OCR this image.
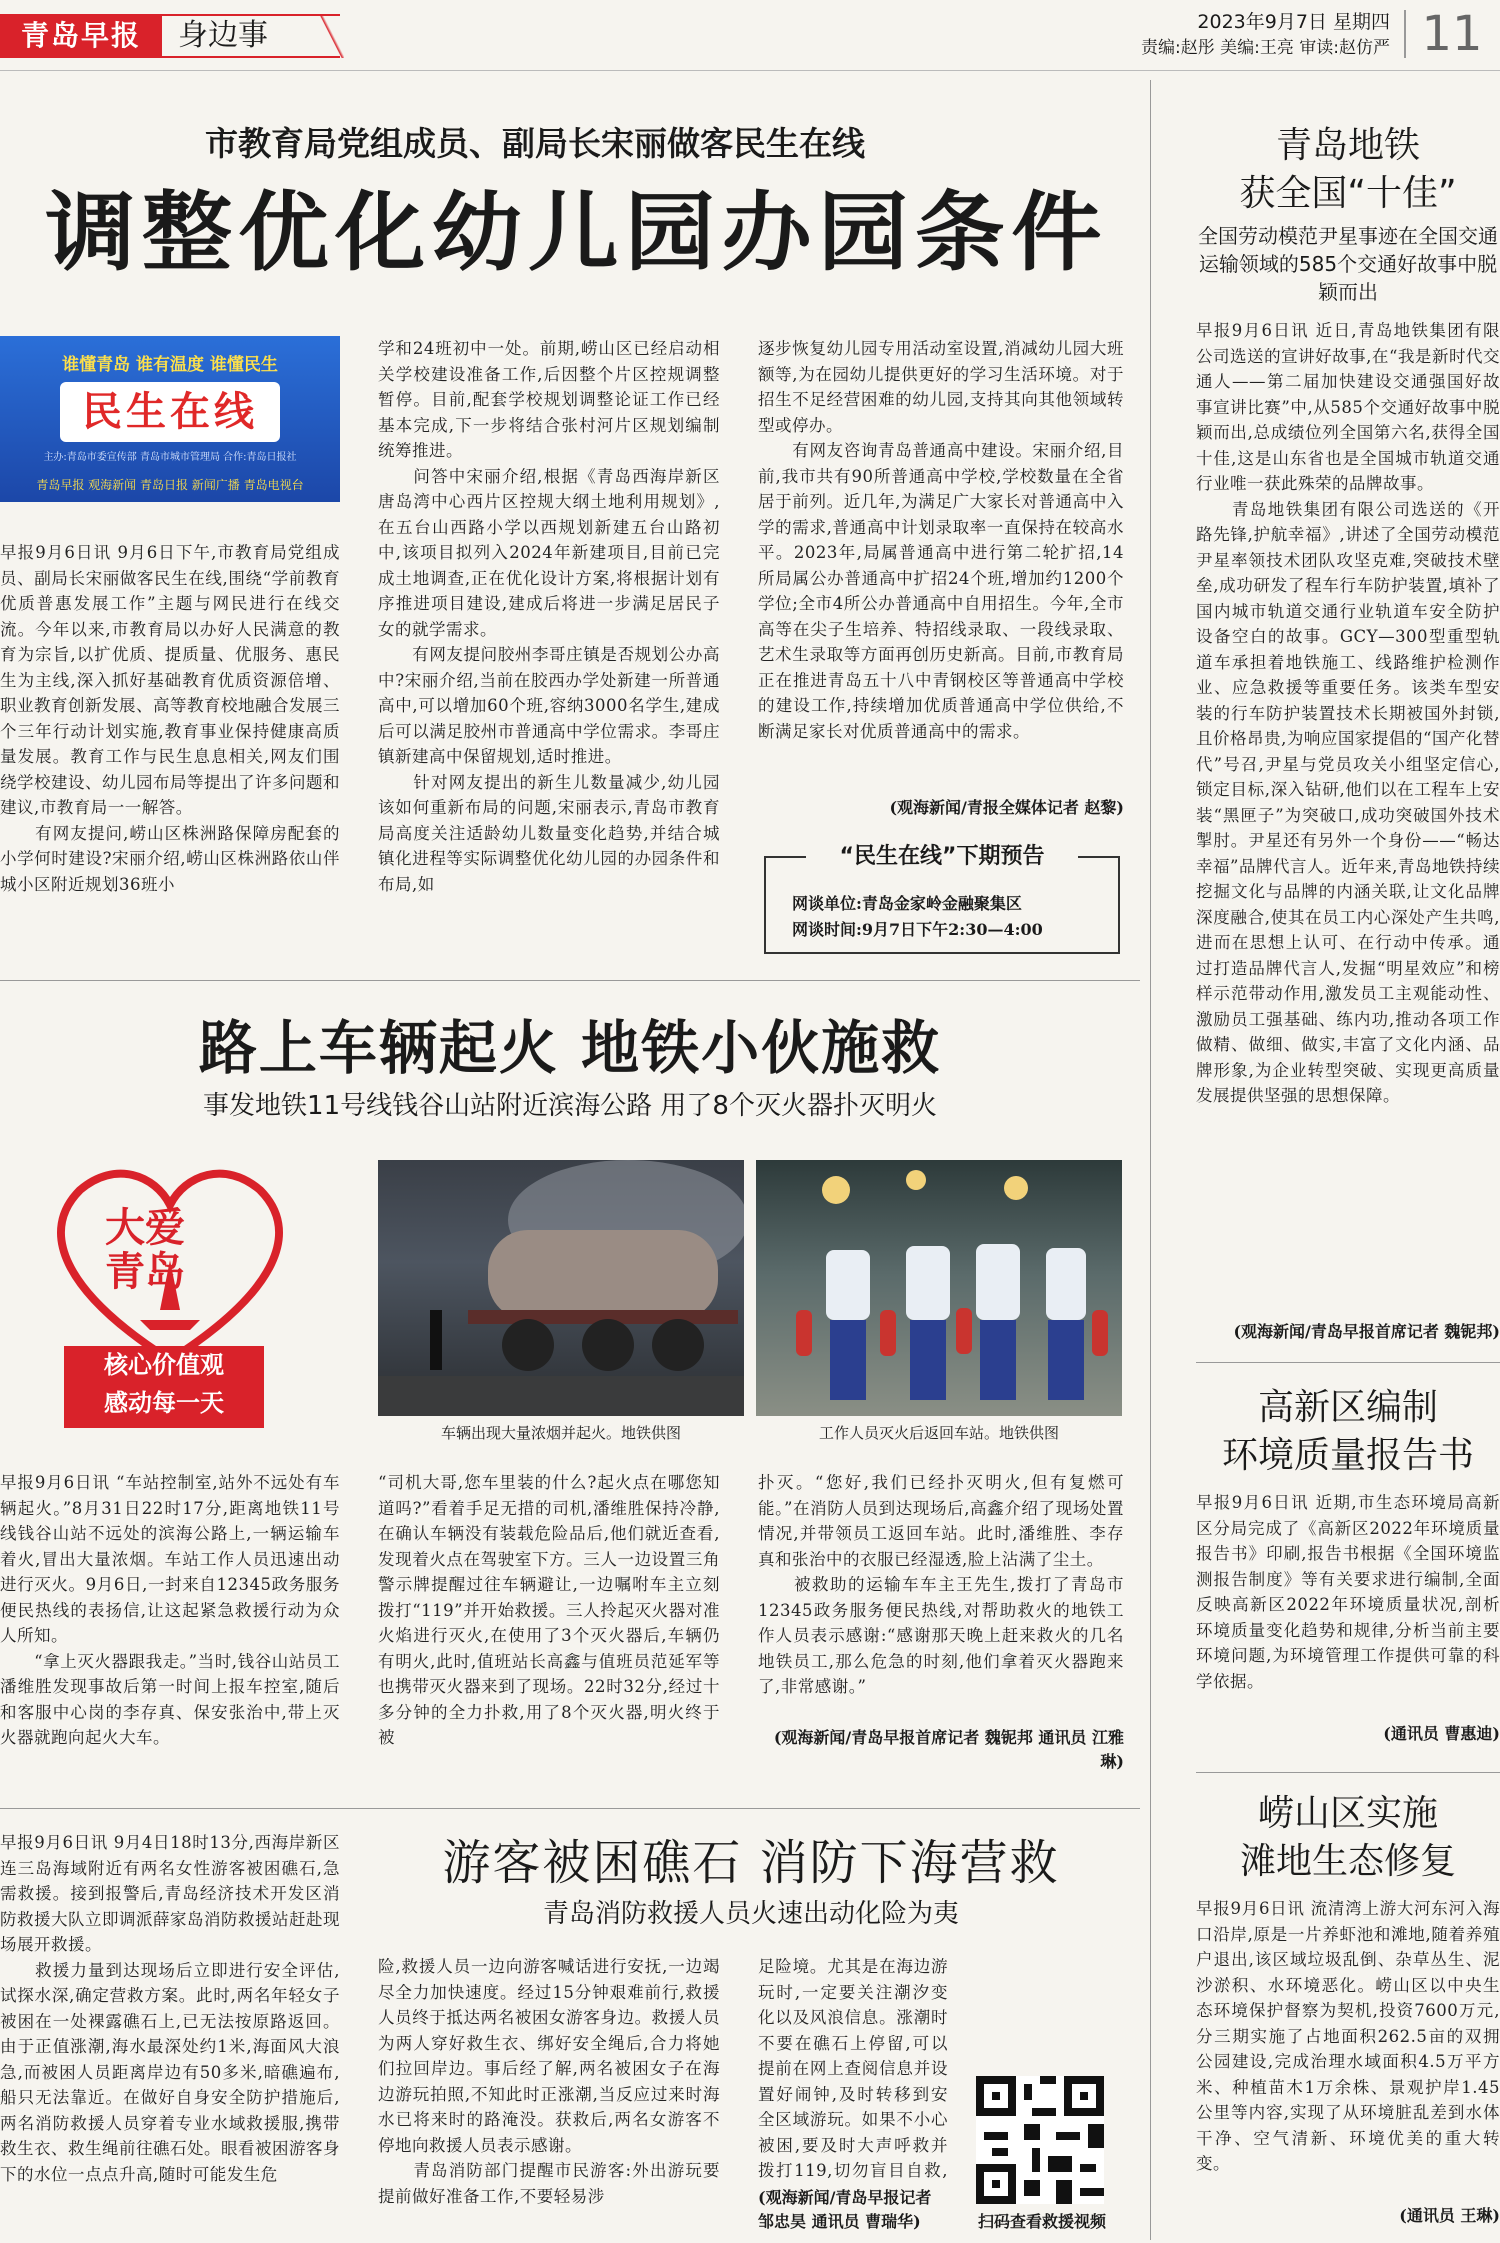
青岛早报	身边事	2023年9月7日 星期四
责编:赵彤 美编:王亮 审读:赵仿严 11
市教育局党组成员、副局长宋丽做客民生在线
调整优化幼儿园办园条件
谁懂青岛 谁有温度 谁懂民生
民生在线
主办:青岛市委宣传部 青岛市城市管理局 合作:青岛日报社
青岛早报 观海新闻 青岛日报 新闻广播 青岛电视台

早报9月6日讯 9月6日下午,市教育局党组成员、副局长宋丽做客民生在线,围绕“学前教育优质普惠发展工作”主题与网民进行在线交流。今年以来,市教育局以办好人民满意的教育为宗旨,以扩优质、提质量、优服务、惠民生为主线,深入抓好基础教育优质资源倍增、职业教育创新发展、高等教育校地融合发展三个三年行动计划实施,教育事业保持健康高质量发展。教育工作与民生息息相关,网友们围绕学校建设、幼儿园布局等提出了许多问题和建议,市教育局一一解答。
　　有网友提问,崂山区株洲路保障房配套的小学何时建设?宋丽介绍,崂山区株洲路依山伴城小区附近规划36班小

学和24班初中一处。前期,崂山区已经启动相关学校建设准备工作,后因整个片区控规调整暂停。目前,配套学校规划调整论证工作已经基本完成,下一步将结合张村河片区规划编制统筹推进。
　　问答中宋丽介绍,根据《青岛西海岸新区唐岛湾中心西片区控规大纲土地利用规划》,在五台山西路小学以西规划新建五台山路初中,该项目拟列入2024年新建项目,目前已完成土地调查,正在优化设计方案,将根据计划有序推进项目建设,建成后将进一步满足居民子女的就学需求。
　　有网友提问胶州李哥庄镇是否规划公办高中?宋丽介绍,当前在胶西办学处新建一所普通高中,可以增加60个班,容纳3000名学生,建成后可以满足胶州市普通高中学位需求。李哥庄镇新建高中保留规划,适时推进。
　　针对网友提出的新生儿数量减少,幼儿园该如何重新布局的问题,宋丽表示,青岛市教育局高度关注适龄幼儿数量变化趋势,并结合城镇化进程等实际调整优化幼儿园的办园条件和布局,如

逐步恢复幼儿园专用活动室设置,消减幼儿园大班额等,为在园幼儿提供更好的学习生活环境。对于招生不足经营困难的幼儿园,支持其向其他领域转型或停办。
　　有网友咨询青岛普通高中建设。宋丽介绍,目前,我市共有90所普通高中学校,学校数量在全省居于前列。近几年,为满足广大家长对普通高中入学的需求,普通高中计划录取率一直保持在较高水平。2023年,局属普通高中进行第二轮扩招,14所局属公办普通高中扩招24个班,增加约1200个学位;全市4所公办普通高中自用招生。今年,全市高等在尖子生培养、特招线录取、一段线录取、艺术生录取等方面再创历史新高。目前,市教育局正在推进青岛五十八中青钢校区等普通高中学校的建设工作,持续增加优质普通高中学位供给,不断满足家长对优质普通高中的需求。

(观海新闻/青报全媒体记者 赵黎)
“民生在线”下期预告
网谈单位:青岛金家岭金融聚集区
网谈时间:9月7日下午2:30—4:00
路上车辆起火 地铁小伙施救
事发地铁11号线钱谷山站附近滨海公路 用了8个灭火器扑灭明火
大爱青岛
核心价值观
感动每一天
车辆出现大量浓烟并起火。地铁供图	工作人员灭火后返回车站。地铁供图

早报9月6日讯 “车站控制室,站外不远处有车辆起火。”8月31日22时17分,距离地铁11号线钱谷山站不远处的滨海公路上,一辆运输车着火,冒出大量浓烟。车站工作人员迅速出动进行灭火。9月6日,一封来自12345政务服务便民热线的表扬信,让这起紧急救援行动为众人所知。
　　“拿上灭火器跟我走。”当时,钱谷山站员工潘维胜发现事故后第一时间上报车控室,随后和客服中心岗的李存真、保安张治中,带上灭火器就跑向起火大车。

“司机大哥,您车里装的什么?起火点在哪您知道吗?”看着手足无措的司机,潘维胜保持冷静,在确认车辆没有装载危险品后,他们就近查看,发现着火点在驾驶室下方。三人一边设置三角警示牌提醒过往车辆避让,一边嘱咐车主立刻拨打“119”并开始救援。三人拎起灭火器对准火焰进行灭火,在使用了3个灭火器后,车辆仍有明火,此时,值班站长高鑫与值班员范延军等也携带灭火器来到了现场。22时32分,经过十多分钟的全力扑救,用了8个灭火器,明火终于被

扑灭。“您好,我们已经扑灭明火,但有复燃可能。”在消防人员到达现场后,高鑫介绍了现场处置情况,并带领员工返回车站。此时,潘维胜、李存真和张治中的衣服已经湿透,脸上沾满了尘土。
　　被救助的运输车车主王先生,拨打了青岛市12345政务服务便民热线,对帮助救火的地铁工作人员表示感谢:“感谢那天晚上赶来救火的几名地铁员工,那么危急的时刻,他们拿着灭火器跑来了,非常感谢。”

(观海新闻/青岛早报首席记者 魏铌邦 通讯员 江雅琳)

早报9月6日讯 9月4日18时13分,西海岸新区连三岛海域附近有两名女性游客被困礁石,急需救援。接到报警后,青岛经济技术开发区消防救援大队立即调派薛家岛消防救援站赶赴现场展开救援。
　　救援力量到达现场后立即进行安全评估,试探水深,确定营救方案。此时,两名年轻女子被困在一处裸露礁石上,已无法按原路返回。由于正值涨潮,海水最深处约1米,海面风大浪急,而被困人员距离岸边有50多米,暗礁遍布,船只无法靠近。在做好自身安全防护措施后,两名消防救援人员穿着专业水域救援服,携带救生衣、救生绳前往礁石处。眼看被困游客身下的水位一点点升高,随时可能发生危

游客被困礁石 消防下海营救
青岛消防救援人员火速出动化险为夷

险,救援人员一边向游客喊话进行安抚,一边竭尽全力加快速度。经过15分钟艰难前行,救援人员终于抵达两名被困女游客身边。救援人员为两人穿好救生衣、绑好安全绳后,合力将她们拉回岸边。事后经了解,两名被困女子在海边游玩拍照,不知此时正涨潮,当反应过来时海水已将来时的路淹没。获救后,两名女游客不停地向救援人员表示感谢。
　　青岛消防部门提醒市民游客:外出游玩要提前做好准备工作,不要轻易涉

足险境。尤其是在海边游玩时,一定要关注潮汐变化以及风浪信息。涨潮时不要在礁石上停留,可以提前在网上查阅信息并设置好闹钟,及时转移到安全区域游玩。如果不小心被困,要及时大声呼救并拨打119,切勿盲目自救,

(观海新闻/青岛早报记者 邹忠昊 通讯员 曹瑞华)	扫码查看救援视频
青岛地铁
获全国“十佳”
全国劳动模范尹星事迹在全国交通运输领域的585个交通好故事中脱颖而出

早报9月6日讯 近日,青岛地铁集团有限公司选送的宣讲好故事,在“我是新时代交通人——第二届加快建设交通强国好故事宣讲比赛”中,从585个交通好故事中脱颖而出,总成绩位列全国第六名,获得全国十佳,这是山东省也是全国城市轨道交通行业唯一获此殊荣的品牌故事。
　　青岛地铁集团有限公司选送的《开路先锋,护航幸福》,讲述了全国劳动模范尹星率领技术团队攻坚克难,突破技术壁垒,成功研发了程车行车防护装置,填补了国内城市轨道交通行业轨道车安全防护设备空白的故事。GCY—300型重型轨道车承担着地铁施工、线路维护检测作业、应急救援等重要任务。该类车型安装的行车防护装置技术长期被国外封锁,且价格昂贵,为响应国家提倡的“国产化替代”号召,尹星与党员攻关小组坚定信心,锁定目标,深入钻研,他们以在工程车上安装“黑匣子”为突破口,成功突破国外技术掣肘。尹星还有另外一个身份——“畅达幸福”品牌代言人。近年来,青岛地铁持续挖掘文化与品牌的内涵关联,让文化品牌深度融合,使其在员工内心深处产生共鸣,进而在思想上认可、在行动中传承。通过打造品牌代言人,发掘“明星效应”和榜样示范带动作用,激发员工主观能动性、激励员工强基础、练内功,推动各项工作做精、做细、做实,丰富了文化内涵、品牌形象,为企业转型突破、实现更高质量发展提供坚强的思想保障。

(观海新闻/青岛早报首席记者 魏铌邦)
高新区编制
环境质量报告书

早报9月6日讯 近期,市生态环境局高新区分局完成了《高新区2022年环境质量报告书》印刷,报告书根据《全国环境监测报告制度》等有关要求进行编制,全面反映高新区2022年环境质量状况,剖析环境质量变化趋势和规律,分析当前主要环境问题,为环境管理工作提供可靠的科学依据。

(通讯员 曹惠迪)
崂山区实施
滩地生态修复

早报9月6日讯 流清湾上游大河东河入海口沿岸,原是一片养虾池和滩地,随着养殖户退出,该区域垃圾乱倒、杂草丛生、泥沙淤积、水环境恶化。崂山区以中央生态环境保护督察为契机,投资7600万元,分三期实施了占地面积262.5亩的双拥公园建设,完成治理水域面积4.5万平方米、种植苗木1万余株、景观护岸1.45公里等内容,实现了从环境脏乱差到水体干净、空气清新、环境优美的重大转变。

(通讯员 王琳)
